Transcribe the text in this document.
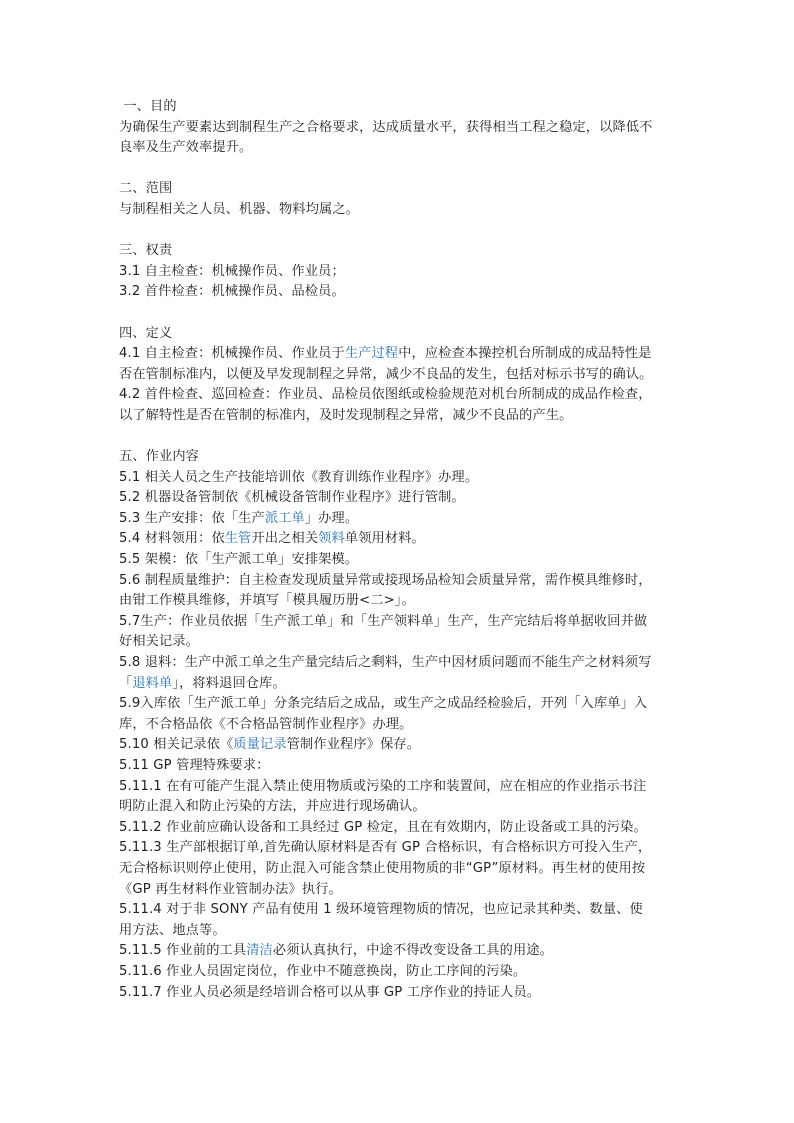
一、目的
为确保生产要素达到制程生产之合格要求，达成质量水平，获得相当工程之稳定，以降低不
良率及生产效率提升。
二、范围
与制程相关之人员、机器、物料均属之。
三、权责
3.1 自主检查：机械操作员、作业员；
3.2 首件检查：机械操作员、品检员。
四、定义
4.1 自主检查：机械操作员、作业员于生产过程中，应检查本操控机台所制成的成品特性是
否在管制标准内，以便及早发现制程之异常，减少不良品的发生，包括对标示书写的确认。
4.2 首件检查、巡回检查：作业员、品检员依图纸或检验规范对机台所制成的成品作检查，
以了解特性是否在管制的标准内，及时发现制程之异常，减少不良品的产生。
五、作业内容
5.1 相关人员之生产技能培训依《教育训练作业程序》办理。
5.2 机器设备管制依《机械设备管制作业程序》进行管制。
5.3 生产安排：依「生产派工单」办理。
5.4 材料领用：依生管开出之相关领料单领用材料。
5.5 架模：依「生产派工单」安排架模。
5.6 制程质量维护：自主检查发现质量异常或接现场品检知会质量异常，需作模具维修时，
由钳工作模具维修，并填写「模具履历册<二>」。
5.7生产：作业员依据「生产派工单」和「生产领料单」生产，生产完结后将单据收回并做
好相关记录。
5.8 退料：生产中派工单之生产量完结后之剩料，生产中因材质问题而不能生产之材料须写
「退料单」，将料退回仓库。
5.9入库依「生产派工单」分条完结后之成品，或生产之成品经检验后，开列「入库单」入
库，不合格品依《不合格品管制作业程序》办理。
5.10 相关记录依《质量记录管制作业程序》保存。
5.11 GP 管理特殊要求：
5.11.1 在有可能产生混入禁止使用物质或污染的工序和装置间，应在相应的作业指示书注
明防止混入和防止污染的方法，并应进行现场确认。
5.11.2 作业前应确认设备和工具经过 GP 检定，且在有效期内，防止设备或工具的污染。
5.11.3 生产部根据订单,首先确认原材料是否有 GP 合格标识，有合格标识方可投入生产，
无合格标识则停止使用，防止混入可能含禁止使用物质的非“GP”原材料。再生材的使用按
《GP 再生材料作业管制办法》执行。
5.11.4 对于非 SONY 产品有使用 1 级环境管理物质的情况，也应记录其种类、数量、使
用方法、地点等。
5.11.5 作业前的工具清洁必须认真执行，中途不得改变设备工具的用途。
5.11.6 作业人员固定岗位，作业中不随意换岗，防止工序间的污染。
5.11.7 作业人员必须是经培训合格可以从事 GP 工序作业的持证人员。
